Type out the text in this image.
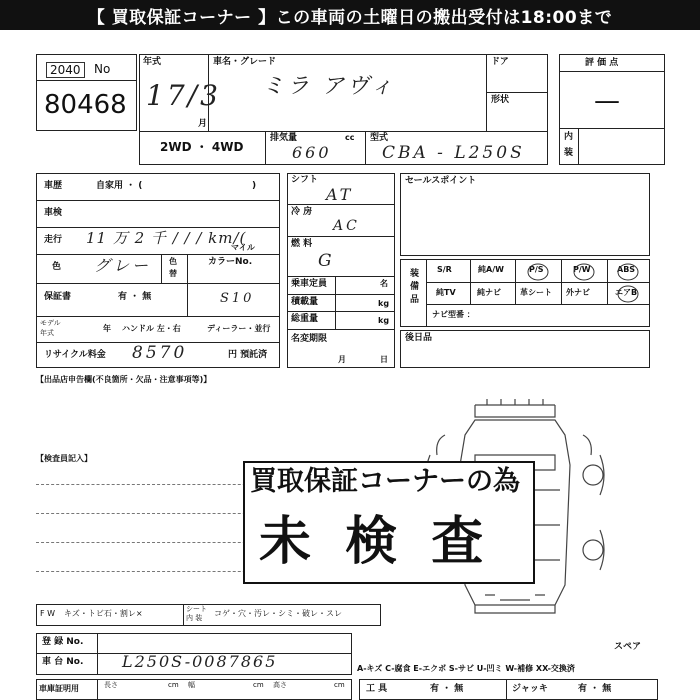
【 買取保証コーナー 】この車両の土曜日の搬出受付は18:00まで
2040	No
80468
年式
17/3
月
車名・グレード
ミラ アヴィ
ドア
形状
2WD ・ 4WD
排気量	cc
660
型式
CBA - L250S
評 価 点
—
内
装
車歴	自家用 ・ (	)
車検
走行 11 万 2 千 / / / km/(
マイル
色 グレー 色
替
カラーNo.
S10
保証書	有 ・ 無
モデル
年式	年 ハンドル 左・右	ディーラー・並行
リサイクル料金 8570	円 預託済
シフト
AT
冷 房
AC
燃 料
G
乗車定員	名
積載量	kg
総重量	kg
名変期限
月	日
セールスポイント
装備品 S/R	純A/W	P/S	P/W	ABS
純TV	純ナビ 革シート 外ナビ	エアB
ナビ型番 ：
後日品
【出品店申告欄(不良箇所・欠品・注意事項等)】
【検査員記入】
買取保証コーナーの為
未 検 査
F W キズ・トビ石・割レ×	シート
内 装 コゲ・穴・汚レ・シミ・破レ・スレ
登 録 No.
車 台 No. L250S-0087865
車庫証明用	長さ	cm 幅	cm 高さ	cm
スペア
A-キズ C-腐食 E-エクボ S-サビ U-凹ミ W-補修 XX-交換済
工 具	有 ・ 無	ジャッキ	有 ・ 無
